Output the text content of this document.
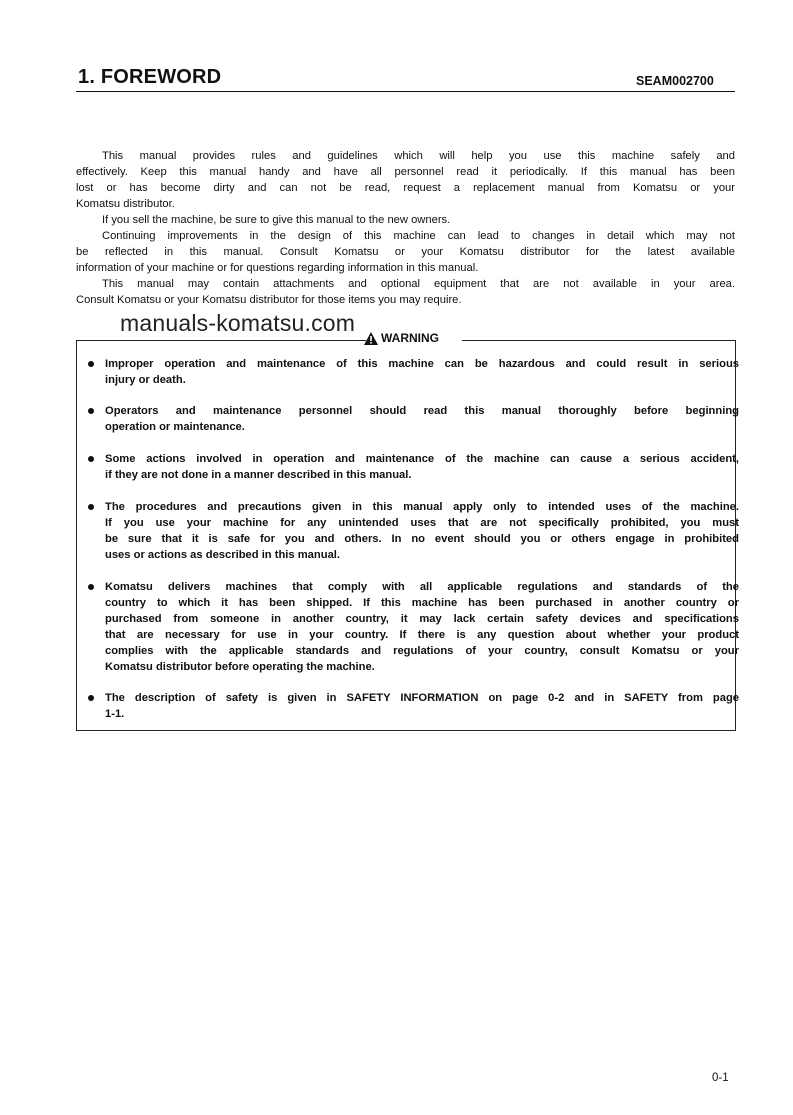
1. FOREWORD	SEAM002700
This manual provides rules and guidelines which will help you use this machine safely and
effectively. Keep this manual handy and have all personnel read it periodically. If this manual has been
lost or has become dirty and can not be read, request a replacement manual from Komatsu or your
Komatsu distributor.
If you sell the machine, be sure to give this manual to the new owners.
Continuing improvements in the design of this machine can lead to changes in detail which may not
be reflected in this manual. Consult Komatsu or your Komatsu distributor for the latest available
information of your machine or for questions regarding information in this manual.
This manual may contain attachments and optional equipment that are not available in your area.
Consult Komatsu or your Komatsu distributor for those items you may require.
manuals-komatsu.com
WARNING
Improper operation and maintenance of this machine can be hazardous and could result in serious
injury or death.
Operators and maintenance personnel should read this manual thoroughly before beginning
operation or maintenance.
Some actions involved in operation and maintenance of the machine can cause a serious accident,
if they are not done in a manner described in this manual.
The procedures and precautions given in this manual apply only to intended uses of the machine.
If you use your machine for any unintended uses that are not specifically prohibited, you must
be sure that it is safe for you and others. In no event should you or others engage in prohibited
uses or actions as described in this manual.
Komatsu delivers machines that comply with all applicable regulations and standards of the
country to which it has been shipped. If this machine has been purchased in another country or
purchased from someone in another country, it may lack certain safety devices and specifications
that are necessary for use in your country. If there is any question about whether your product
complies with the applicable standards and regulations of your country, consult Komatsu or your
Komatsu distributor before operating the machine.
The description of safety is given in SAFETY INFORMATION on page 0-2 and in SAFETY from page
1-1.
0-1
